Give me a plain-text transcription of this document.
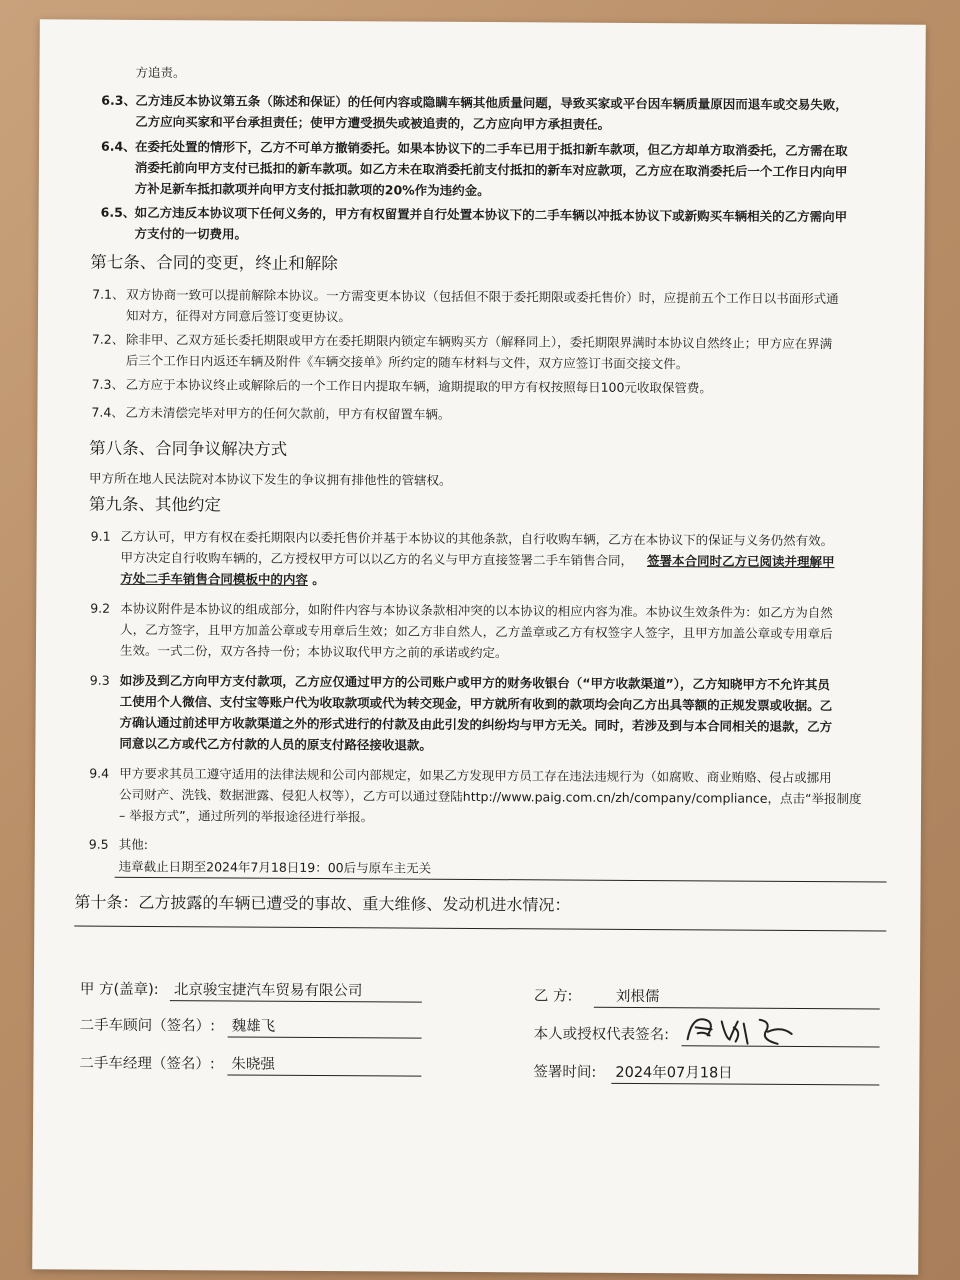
方追责。
6.3、 乙方违反本协议第五条（陈述和保证）的任何内容或隐瞒车辆其他质量问题，导致买家或平台因车辆质量原因而退车或交易失败，
乙方应向买家和平台承担责任；使甲方遭受损失或被追责的，乙方应向甲方承担责任。
6.4、 在委托处置的情形下，乙方不可单方撤销委托。如果本协议下的二手车已用于抵扣新车款项，但乙方却单方取消委托，乙方需在取
消委托前向甲方支付已抵扣的新车款项。如乙方未在取消委托前支付抵扣的新车对应款项，乙方应在取消委托后一个工作日内向甲
方补足新车抵扣款项并向甲方支付抵扣款项的20%作为违约金。
6.5、 如乙方违反本协议项下任何义务的，甲方有权留置并自行处置本协议下的二手车辆以冲抵本协议下或新购买车辆相关的乙方需向甲
方支付的一切费用。
第七条、合同的变更，终止和解除
7.1、 双方协商一致可以提前解除本协议。一方需变更本协议（包括但不限于委托期限或委托售价）时，应提前五个工作日以书面形式通
知对方，征得对方同意后签订变更协议。
7.2、 除非甲、乙双方延长委托期限或甲方在委托期限内锁定车辆购买方（解释同上），委托期限界满时本协议自然终止；甲方应在界满
后三个工作日内返还车辆及附件《车辆交接单》所约定的随车材料与文件，双方应签订书面交接文件。
7.3、 乙方应于本协议终止或解除后的一个工作日内提取车辆，逾期提取的甲方有权按照每日100元收取保管费。
7.4、 乙方未清偿完毕对甲方的任何欠款前，甲方有权留置车辆。
第八条、合同争议解决方式
甲方所在地人民法院对本协议下发生的争议拥有排他性的管辖权。
第九条、其他约定
9.1 乙方认可，甲方有权在委托期限内以委托售价并基于本协议的其他条款，自行收购车辆，乙方在本协议下的保证与义务仍然有效。
甲方决定自行收购车辆的，乙方授权甲方可以以乙方的名义与甲方直接签署二手车销售合同， 签署本合同时乙方已阅读并理解甲
方处二手车销售合同模板中的内容 。
9.2 本协议附件是本协议的组成部分，如附件内容与本协议条款相冲突的以本协议的相应内容为准。本协议生效条件为：如乙方为自然
人，乙方签字，且甲方加盖公章或专用章后生效；如乙方非自然人，乙方盖章或乙方有权签字人签字，且甲方加盖公章或专用章后
生效。一式二份，双方各持一份；本协议取代甲方之前的承诺或约定。
9.3 如涉及到乙方向甲方支付款项，乙方应仅通过甲方的公司账户或甲方的财务收银台（“甲方收款渠道”），乙方知晓甲方不允许其员
工使用个人微信、支付宝等账户代为收取款项或代为转交现金，甲方就所有收到的款项均会向乙方出具等额的正规发票或收据。乙
方确认通过前述甲方收款渠道之外的形式进行的付款及由此引发的纠纷均与甲方无关。同时，若涉及到与本合同相关的退款，乙方
同意以乙方或代乙方付款的人员的原支付路径接收退款。
9.4 甲方要求其员工遵守适用的法律法规和公司内部规定，如果乙方发现甲方员工存在违法违规行为（如腐败、商业贿赂、侵占或挪用
公司财产、洗钱、数据泄露、侵犯人权等），乙方可以通过登陆http://www.paig.com.cn/zh/company/compliance，点击“举报制度
– 举报方式”，通过所列的举报途径进行举报。
9.5 其他:
违章截止日期至2024年7月18日19：00后与原车主无关
第十条：乙方披露的车辆已遭受的事故、重大维修、发动机进水情况：
甲 方(盖章): 北京骏宝捷汽车贸易有限公司
二手车顾问（签名）: 魏雄飞
二手车经理（签名）: 朱晓强
乙 方:	刘根儒
本人或授权代表签名:
签署时间: 2024年07月18日
